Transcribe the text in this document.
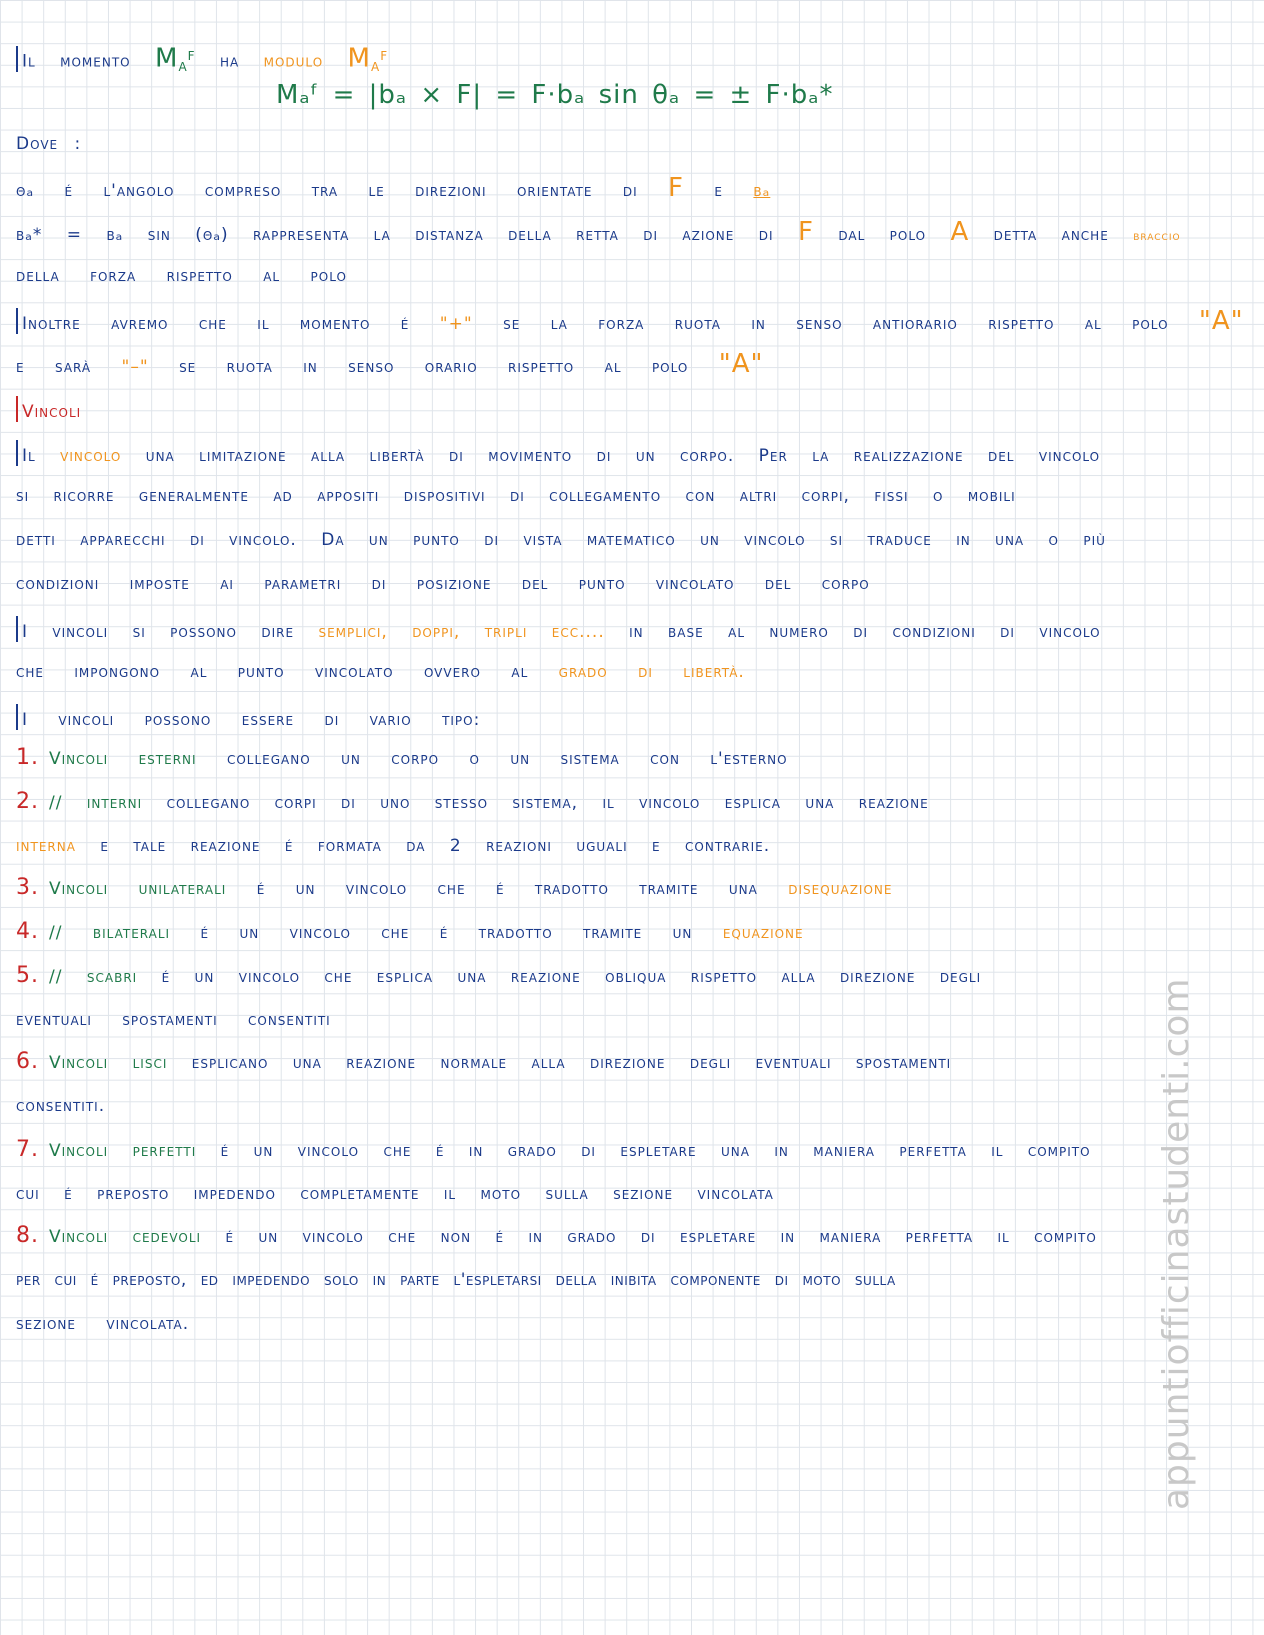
Il momento $M_A^F$ ha modulo $M_A^F$
Mₐᶠ = |bₐ × F| = F·bₐ sin θₐ = ± F·bₐ*
Dove :
θₐ é l'angolo compreso tra le direzioni orientate di F e bₐ
bₐ* = bₐ sin (θₐ) rappresenta la distanza della retta di azione di F dal polo A detta anche braccio
della forza rispetto al polo
Inoltre avremo che il momento é "+" se la forza ruota in senso antiorario rispetto al polo "A"
e sarà "–" se ruota in senso orario rispetto al polo "A"
Vincoli
Il vincolo una limitazione alla libertà di movimento di un corpo. Per la realizzazione del vincolo
si ricorre generalmente ad appositi dispositivi di collegamento con altri corpi, fissi o mobili
detti apparecchi di vincolo. Da un punto di vista matematico un vincolo si traduce in una o più
condizioni imposte ai parametri di posizione del punto vincolato del corpo
I vincoli si possono dire semplici, doppi, tripli ecc.... in base al numero di condizioni di vincolo
che impongono al punto vincolato ovvero al grado di libertà.
I vincoli possono essere di vario tipo:
1. Vincoli esterni collegano un corpo o un sistema con l'esterno
2. // interni collegano corpi di uno stesso sistema, il vincolo esplica una reazione
interna e tale reazione é formata da 2 reazioni uguali e contrarie.
3. Vincoli unilaterali é un vincolo che é tradotto tramite una disequazione
4. // bilaterali é un vincolo che é tradotto tramite un equazione
5. // scabri é un vincolo che esplica una reazione obliqua rispetto alla direzione degli
eventuali spostamenti consentiti
6. Vincoli lisci esplicano una reazione normale alla direzione degli eventuali spostamenti
consentiti.
7. Vincoli perfetti é un vincolo che é in grado di espletare una in maniera perfetta il compito
cui é preposto impedendo completamente il moto sulla sezione vincolata
8. Vincoli cedevoli é un vincolo che non é in grado di espletare in maniera perfetta il compito
per cui é preposto, ed impedendo solo in parte l'espletarsi della inibita componente di moto sulla
sezione vincolata.	appuntiofficinastudenti.com
